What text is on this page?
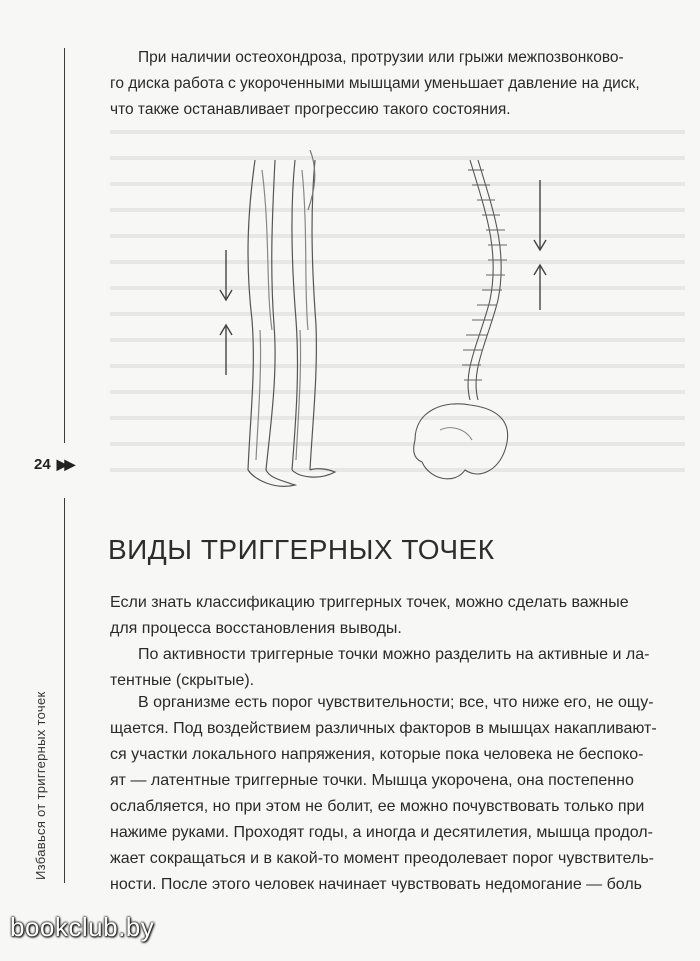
24 ▶▶
Избавься от триггерных точек
При наличии остеохондроза, протрузии или грыжи межпозвонково-
го диска работа с укороченными мышцами уменьшает давление на диск,
что также останавливает прогрессию такого состояния.
ВИДЫ ТРИГГЕРНЫХ ТОЧЕК
Если знать классификацию триггерных точек, можно сделать важные
для процесса восстановления выводы.
По активности триггерные точки можно разделить на активные и ла-
тентные (скрытые).
В организме есть порог чувствительности; все, что ниже его, не ощу-
щается. Под воздействием различных факторов в мышцах накапливают-
ся участки локального напряжения, которые пока человека не беспоко-
ят — латентные триггерные точки. Мышца укорочена, она постепенно
ослабляется, но при этом не болит, ее можно почувствовать только при
нажиме руками. Проходят годы, а иногда и десятилетия, мышца продол-
жает сокращаться и в какой-то момент преодолевает порог чувствитель-
ности. После этого человек начинает чувствовать недомогание — боль
bookclub.by
